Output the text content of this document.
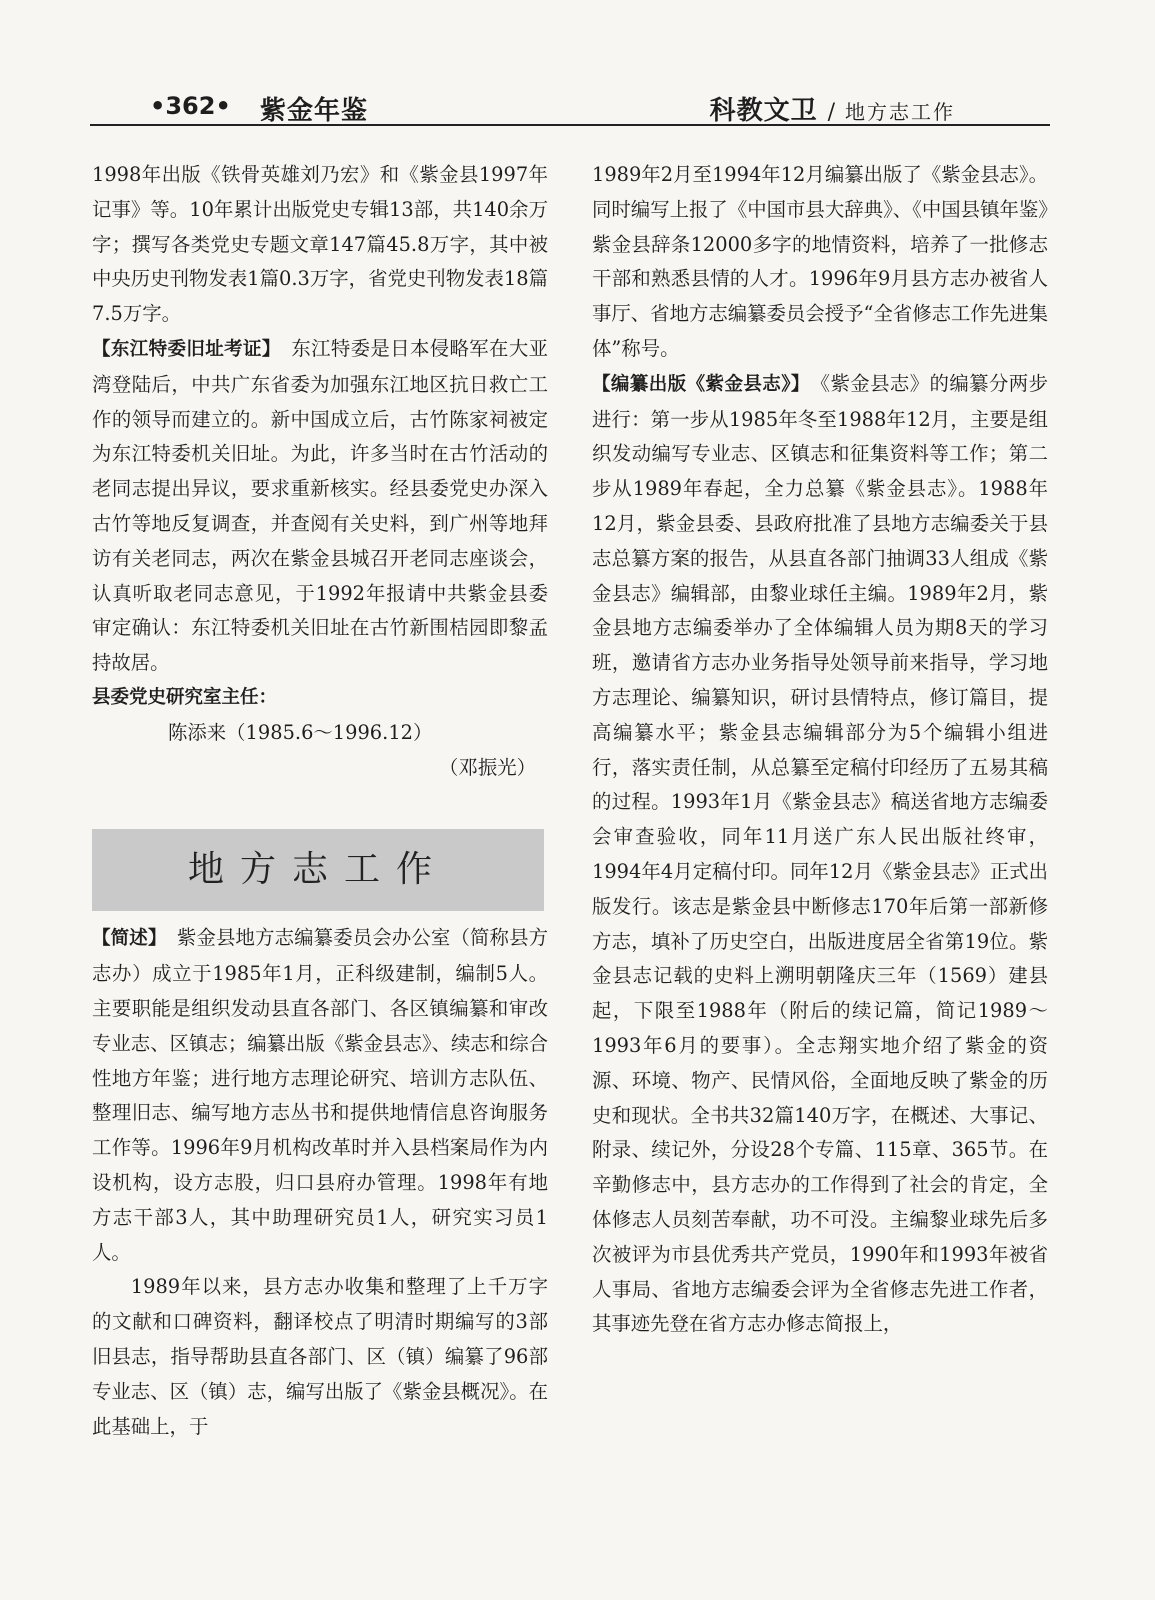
•362• 紫金年鉴	科教文卫 / 地方志工作

1998年出版《铁骨英雄刘乃宏》和《紫金县1997年记事》等。10年累计出版党史专辑13部，共140余万字；撰写各类党史专题文章147篇45.8万字，其中被中央历史刊物发表1篇0.3万字，省党史刊物发表18篇7.5万字。

【东江特委旧址考证】　 东江特委是日本侵略军在大亚湾登陆后，中共广东省委为加强东江地区抗日救亡工作的领导而建立的。新中国成立后，古竹陈家祠被定为东江特委机关旧址。为此，许多当时在古竹活动的老同志提出异议，要求重新核实。经县委党史办深入古竹等地反复调查，并查阅有关史料，到广州等地拜访有关老同志，两次在紫金县城召开老同志座谈会，认真听取老同志意见，于1992年报请中共紫金县委审定确认：东江特委机关旧址在古竹新围桔园即黎孟持故居。

县委党史研究室主任：

陈添来（1985.6～1996.12）

（邓振光）

地方志工作

【简述】　 紫金县地方志编纂委员会办公室（简称县方志办）成立于1985年1月，正科级建制，编制5人。主要职能是组织发动县直各部门、各区镇编纂和审改专业志、区镇志；编纂出版《紫金县志》、续志和综合性地方年鉴；进行地方志理论研究、培训方志队伍、整理旧志、编写地方志丛书和提供地情信息咨询服务工作等。1996年9月机构改革时并入县档案局作为内设机构，设方志股，归口县府办管理。1998年有地方志干部3人，其中助理研究员1人，研究实习员1人。

1989年以来，县方志办收集和整理了上千万字的文献和口碑资料，翻译校点了明清时期编写的3部旧县志，指导帮助县直各部门、区（镇）编纂了96部专业志、区（镇）志，编写出版了《紫金县概况》。在此基础上，于

1989年2月至1994年12月编纂出版了《紫金县志》。同时编写上报了《中国市县大辞典》、《中国县镇年鉴》紫金县辞条12000多字的地情资料，培养了一批修志干部和熟悉县情的人才。1996年9月县方志办被省人事厅、省地方志编纂委员会授予“全省修志工作先进集体”称号。

【编纂出版《紫金县志》】　 《紫金县志》的编纂分两步进行：第一步从1985年冬至1988年12月，主要是组织发动编写专业志、区镇志和征集资料等工作；第二步从1989年春起，全力总纂《紫金县志》。1988年12月，紫金县委、县政府批准了县地方志编委关于县志总纂方案的报告，从县直各部门抽调33人组成《紫金县志》编辑部，由黎业球任主编。1989年2月，紫金县地方志编委举办了全体编辑人员为期8天的学习班，邀请省方志办业务指导处领导前来指导，学习地方志理论、编纂知识，研讨县情特点，修订篇目，提高编纂水平；紫金县志编辑部分为5个编辑小组进行，落实责任制，从总纂至定稿付印经历了五易其稿的过程。1993年1月《紫金县志》稿送省地方志编委会审查验收，同年11月送广东人民出版社终审，1994年4月定稿付印。同年12月《紫金县志》正式出版发行。该志是紫金县中断修志170年后第一部新修方志，填补了历史空白，出版进度居全省第19位。紫金县志记载的史料上溯明朝隆庆三年（1569）建县起，下限至1988年（附后的续记篇，简记1989～1993年6月的要事）。全志翔实地介绍了紫金的资源、环境、物产、民情风俗，全面地反映了紫金的历史和现状。全书共32篇140万字，在概述、大事记、附录、续记外，分设28个专篇、115章、365节。在辛勤修志中，县方志办的工作得到了社会的肯定，全体修志人员刻苦奉献，功不可没。主编黎业球先后多次被评为市县优秀共产党员，1990年和1993年被省人事局、省地方志编委会评为全省修志先进工作者，其事迹先登在省方志办修志简报上，
